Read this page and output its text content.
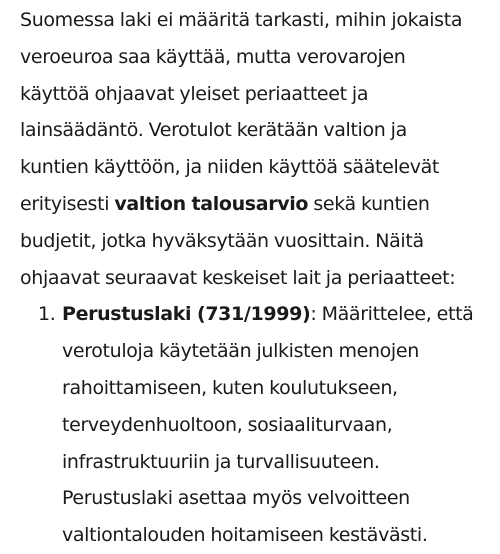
Suomessa laki ei määritä tarkasti, mihin jokaista
veroeuroa saa käyttää, mutta verovarojen
käyttöä ohjaavat yleiset periaatteet ja
lainsäädäntö. Verotulot kerätään valtion ja
kuntien käyttöön, ja niiden käyttöä säätelevät
erityisesti valtion talousarvio sekä kuntien
budjetit, jotka hyväksytään vuosittain. Näitä
ohjaavat seuraavat keskeiset lait ja periaatteet:

1. Perustuslaki (731/1999): Määrittelee, että
verotuloja käytetään julkisten menojen
rahoittamiseen, kuten koulutukseen,
terveydenhuoltoon, sosiaaliturvaan,
infrastruktuuriin ja turvallisuuteen.
Perustuslaki asettaa myös velvoitteen
valtiontalouden hoitamiseen kestävästi.
